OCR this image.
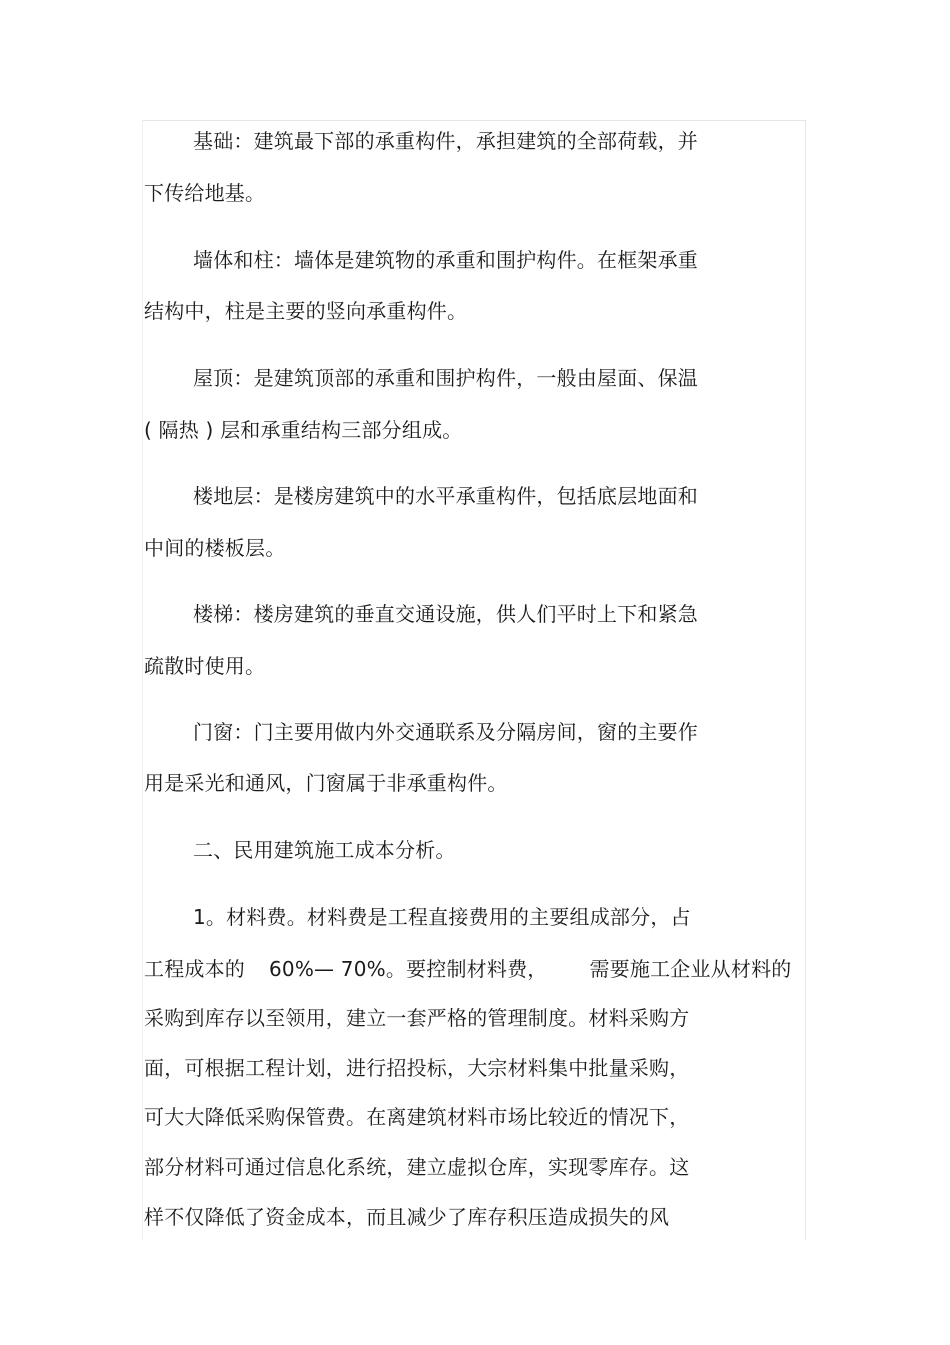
基础：建筑最下部的承重构件，承担建筑的全部荷载，并
下传给地基。
墙体和柱：墙体是建筑物的承重和围护构件。在框架承重
结构中，柱是主要的竖向承重构件。
屋顶：是建筑顶部的承重和围护构件，一般由屋面、保温
( 隔热 ) 层和承重结构三部分组成。
楼地层：是楼房建筑中的水平承重构件，包括底层地面和
中间的楼板层。
楼梯：楼房建筑的垂直交通设施，供人们平时上下和紧急
疏散时使用。
门窗：门主要用做内外交通联系及分隔房间，窗的主要作
用是采光和通风，门窗属于非承重构件。
二、民用建筑施工成本分析。
1。材料费。材料费是工程直接费用的主要组成部分，占
工程成本的 60%— 70%。要控制材料费， 需要施工企业从材料的
采购到库存以至领用，建立一套严格的管理制度。材料采购方
面，可根据工程计划，进行招投标，大宗材料集中批量采购，
可大大降低采购保管费。在离建筑材料市场比较近的情况下，
部分材料可通过信息化系统，建立虚拟仓库，实现零库存。这
样不仅降低了资金成本，而且减少了库存积压造成损失的风
